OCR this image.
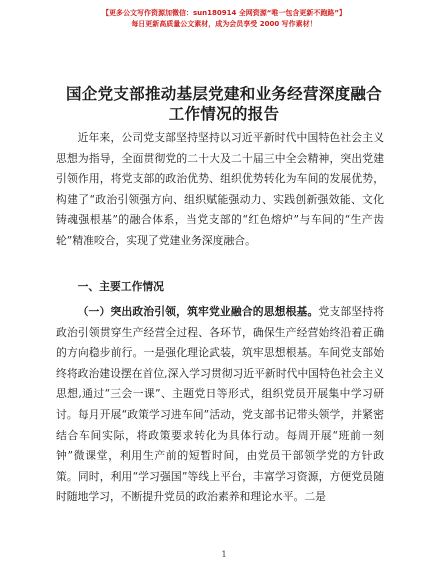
【更多公文写作资源加微信：sun180914 全网资源“唯一包含更新不跑路”】
每日更新高质量公文素材，成为会员享受 2000 写作素材！
国企党支部推动基层党建和业务经营深度融合
工作情况的报告

近年来，公司党支部坚持坚持以习近平新时代中国特色社会主义思想为指导，全面贯彻党的二十大及二十届三中全会精神，突出党建引领作用，将党支部的政治优势、组织优势转化为车间的发展优势，构建了“政治引领强方向、组织赋能强动力、实践创新强效能、文化铸魂强根基”的融合体系，当党支部的“红色熔炉”与车间的“生产齿轮”精准咬合，实现了党建业务深度融合。

一、主要工作情况

（一）突出政治引领，筑牢党业融合的思想根基。党支部坚持将政治引领贯穿生产经营全过程、各环节，确保生产经营始终沿着正确的方向稳步前行。一是强化理论武装，筑牢思想根基。车间党支部始终将政治建设摆在首位,深入学习贯彻习近平新时代中国特色社会主义思想,通过“三会一课”、主题党日等形式，组织党员开展集中学习研讨。每月开展“政策学习进车间”活动，党支部书记带头领学，并紧密结合车间实际，将政策要求转化为具体行动。每周开展“班前一刻钟”微课堂，利用生产前的短暂时间，由党员干部领学党的方针政策。同时，利用“学习强国”等线上平台，丰富学习资源，方便党员随时随地学习，不断提升党员的政治素养和理论水平。二是

1
